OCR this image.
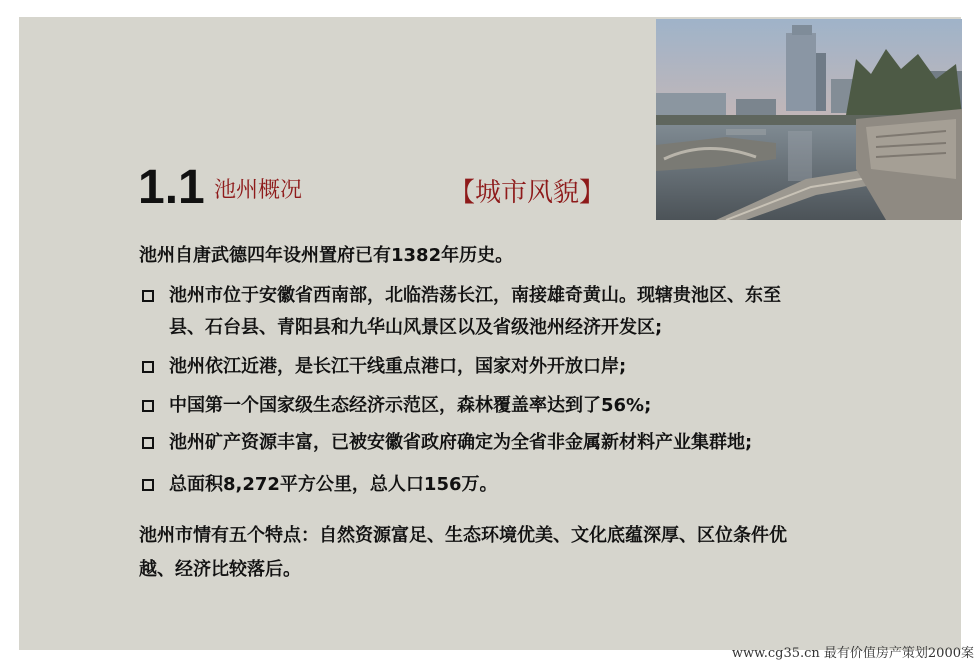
1.1 池州概况	【城市风貌】
池州自唐武德四年设州置府已有1382年历史。
池州市位于安徽省西南部，北临浩荡长江，南接雄奇黄山。现辖贵池区、东至
县、石台县、青阳县和九华山风景区以及省级池州经济开发区;
池州依江近港，是长江干线重点港口，国家对外开放口岸;
中国第一个国家级生态经济示范区，森林覆盖率达到了56%;
池州矿产资源丰富，已被安徽省政府确定为全省非金属新材料产业集群地;
总面积8,272平方公里，总人口156万。
池州市情有五个特点：自然资源富足、生态环境优美、文化底蕴深厚、区位条件优
越、经济比较落后。
www.cg35.cn 最有价值房产策划2000案
